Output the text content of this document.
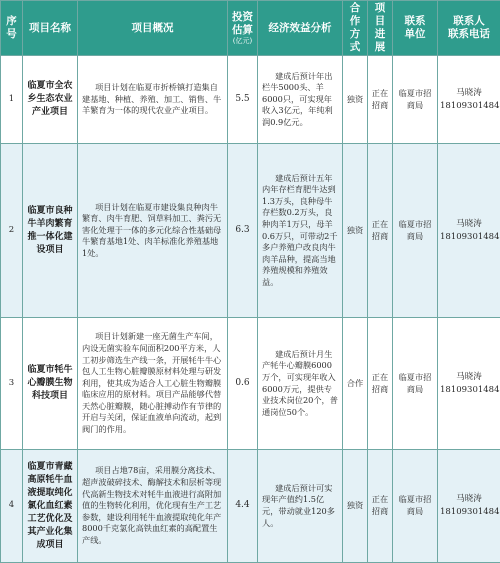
序号	项目名称	项目概况	投资
估算
(亿元)	经济效益分析	合作
方式	项目
进展	联系
单位	联系人
联系电话
1	临夏市全农乡生态农业产业项目	项目计划在临夏市折桥镇打造集自建基地、种植、养殖、加工、销售、牛羊繁育为一体的现代农业产业项目。	5.5	建成后预计年出栏牛5000头、羊6000只，可实现年收入3亿元，年纯利润0.9亿元。	独资	正在招商	临夏市招商局	马晓涛
18109301484
2	临夏市良种牛羊肉繁育推一体化建设项目	项目计划在临夏市建设集良种肉牛繁育、肉牛育肥、饲草料加工、粪污无害化处理于一体的多元化综合性基础母牛繁育基地1处、肉羊标准化养殖基地1处。	6.3	建成后预计五年内年存栏育肥牛达到1.3万头，良种母牛存栏数0.2万头，良种肉羊1万只，母羊0.6万只，可带动2千多户养殖户改良肉牛肉羊品种，提高当地养殖规模和养殖效益。	独资	正在招商	临夏市招商局	马晓涛
18109301484
3	临夏市牦牛心瓣膜生物科技项目	项目计划新建一座无菌生产车间，内设无菌实验车间面积200平方米，人工初步筛选生产线一条，开展牦牛牛心包人工生物心脏瓣膜原材料处理与研发利用，使其成为适合人工心脏生物瓣膜临床应用的原材料。项目产品能够代替天然心脏瓣膜，随心脏搏动作有节律的开启与关闭，保证血液单向流动，起到阀门的作用。	0.6	建成后预计月生产牦牛心瓣膜6000万个，可实现年收入6000万元，提供专业技术岗位20个，普通岗位50个。	合作	正在招商	临夏市招商局	马晓涛
18109301484
4	临夏市青藏高原牦牛血液提取纯化氯化血红素工艺优化及其产业化集成项目	项目占地78亩，采用膜分离技术、超声波破碎技术、酶解技术和层析等现代高新生物技术对牦牛血液进行高附加值的生物转化利用，优化现有生产工艺参数，建设利用牦牛血液提取纯化年产8000千克氯化高铁血红素的高配置生产线。	4.4	建成后预计可实现年产值约1.5亿元，带动就业120多人。	独资	正在招商	临夏市招商局	马晓涛
18109301484
